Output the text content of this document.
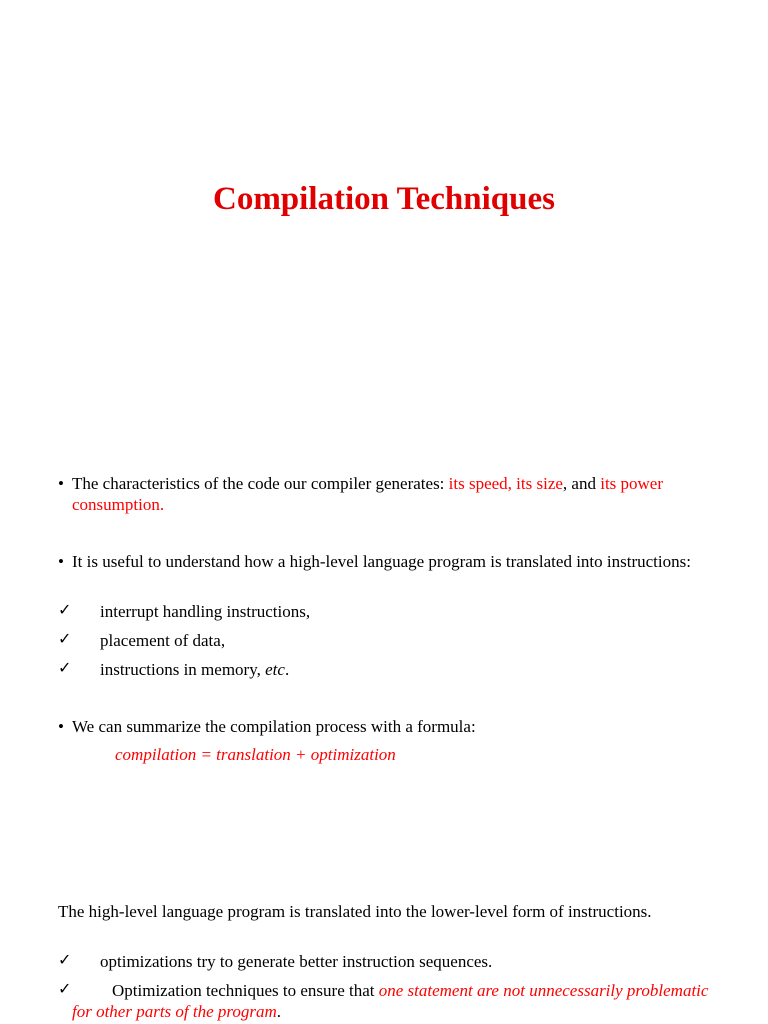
Compilation Techniques
• The characteristics of the code our compiler generates: its speed, its size, and its power consumption.
• It is useful to understand how a high-level language program is translated into instructions:
✓ interrupt handling instructions,
✓ placement of data,
✓ instructions in memory, etc.
• We can summarize the compilation process with a formula:
compilation = translation + optimization
The high-level language program is translated into the lower-level form of instructions.
✓ optimizations try to generate better instruction sequences.
✓	Optimization techniques to ensure that one statement are not unnecessarily problematic for other parts of the program.
